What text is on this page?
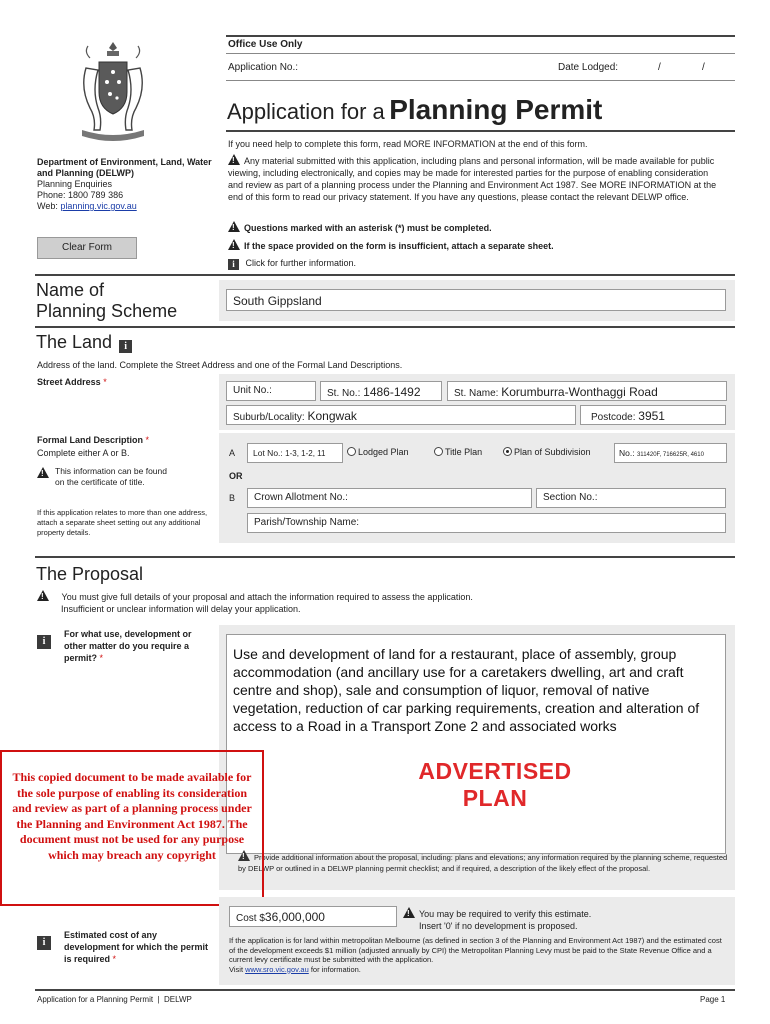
Office Use Only
Application No.:	Date Lodged:	/	/
Application for a Planning Permit
If you need help to complete this form, read MORE INFORMATION at the end of this form.
!Any material submitted with this application, including plans and personal information, will be made available for public viewing, including electronically, and copies may be made for interested parties for the purpose of enabling consideration and review as part of a planning process under the Planning and Environment Act 1987. See MORE INFORMATION at the end of this form to read our privacy statement. If you have any questions, please contact the relevant DELWP office.
!Questions marked with an asterisk (*) must be completed.
!If the space provided on the form is insufficient, attach a separate sheet.
i Click for further information.
Department of Environment, Land, Water and Planning (DELWP)
Planning Enquiries
Phone: 1800 789 386
Web: planning.vic.gov.au
Clear Form
Name of
Planning Scheme	South Gippsland
The Land i
Address of the land. Complete the Street Address and one of the Formal Land Descriptions.
Street Address *
Unit No.:	St. No.: 1486-1492	St. Name: Korumburra-Wonthaggi Road
Suburb/Locality: Kongwak	Postcode: 3951
Formal Land Description *
Complete either A or B.
!
This information can be found on the certificate of title.
If this application relates to more than one address, attach a separate sheet setting out any additional property details.
A	Lot No.: 1-3, 1-2, 11	Lodged Plan	Title Plan	Plan of Subdivision	No.: 311420F, 716625R, 4610
OR
B	Crown Allotment No.:	Section No.:
Parish/Township Name:
The Proposal
! You must give full details of your proposal and attach the information required to assess the application.
Insufficient or unclear information will delay your application.
i
For what use, development or other matter do you require a permit? *	Use and development of land for a restaurant, place of assembly, group accommodation (and ancillary use for a caretakers dwelling, art and craft centre and shop), sale and consumption of liquor, removal of native vegetation, reduction of car parking requirements, creation and alteration of access to a Road in a Transport Zone 2 and associated works
ADVERTISED
PLAN
!Provide additional information about the proposal, including: plans and elevations; any information required by the planning scheme, requested by DELWP or outlined in a DELWP planning permit checklist; and if required, a description of the likely effect of the proposal.
This copied document to be made available for the sole purpose of enabling its consideration and review as part of a planning process under the Planning and Environment Act 1987. The document must not be used for any purpose which may breach any copyright
i
Estimated cost of any development for which the permit is required *
Cost $36,000,000
!	You may be required to verify this estimate.
Insert '0' if no development is proposed.
If the application is for land within metropolitan Melbourne (as defined in section 3 of the Planning and Environment Act 1987) and the estimated cost of the development exceeds $1 million (adjusted annually by CPI) the Metropolitan Planning Levy must be paid to the State Revenue Office and a current levy certificate must be submitted with the application.
Visit www.sro.vic.gov.au for information.
Application for a Planning Permit  |  DELWP	Page 1
